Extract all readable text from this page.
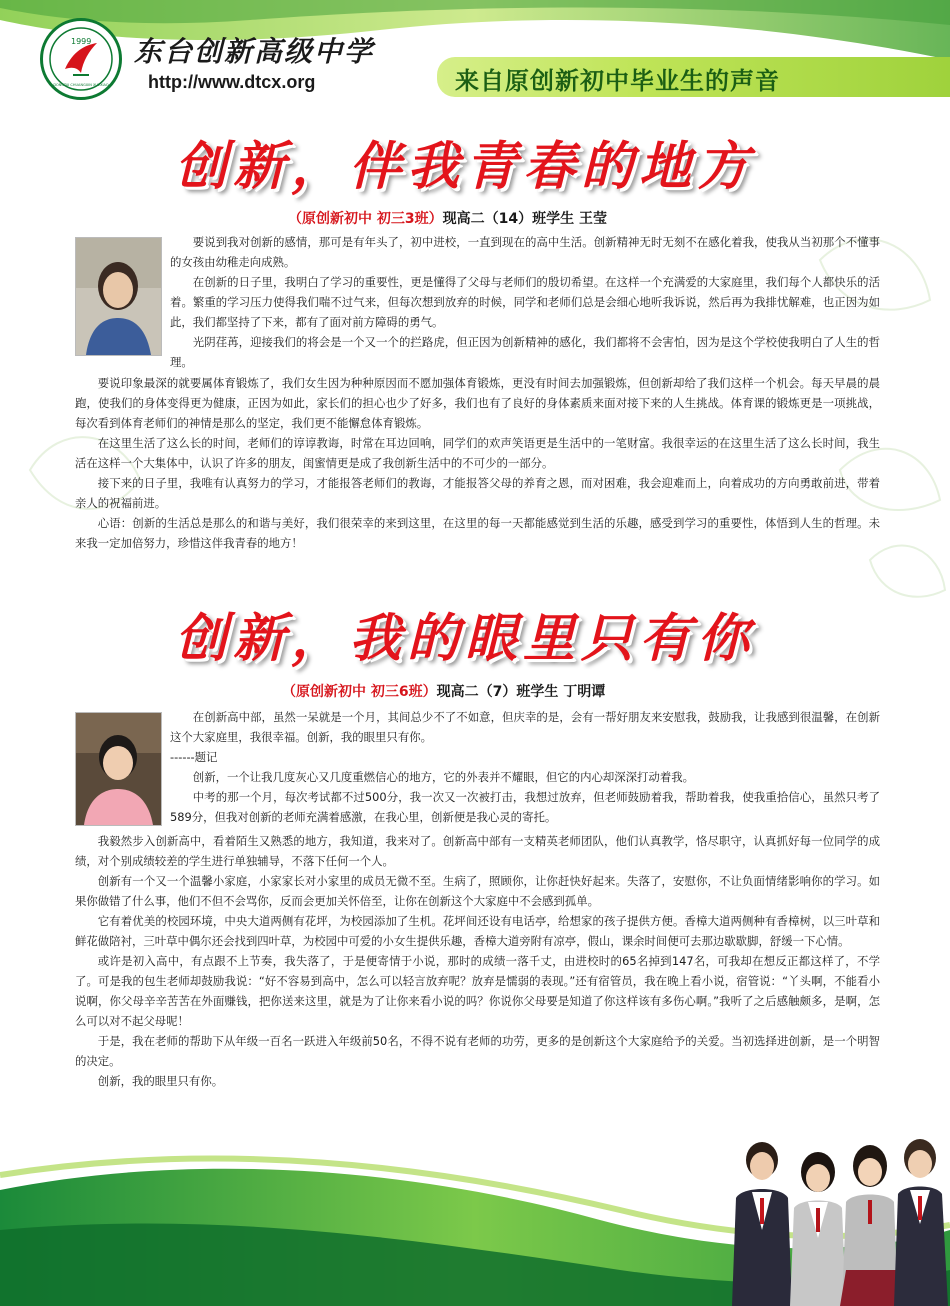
1999
DONGTAI CHUANGXIN XUEXIAO
东台创新高级中学
http://www.dtcx.org	来自原创新初中毕业生的声音
创新，伴我青春的地方
（原创新初中 初三3班）现高二（14）班学生 王莹

要说到我对创新的感情，那可是有年头了，初中进校，一直到现在的高中生活。创新精神无时无刻不在感化着我，使我从当初那个不懂事的女孩由幼稚走向成熟。

在创新的日子里，我明白了学习的重要性，更是懂得了父母与老师们的殷切希望。在这样一个充满爱的大家庭里，我们每个人都快乐的活着。繁重的学习压力使得我们喘不过气来，但每次想到放弃的时候，同学和老师们总是会细心地听我诉说，然后再为我排忧解难，也正因为如此，我们都坚持了下来，都有了面对前方障碍的勇气。

光阴荏苒，迎接我们的将会是一个又一个的拦路虎，但正因为创新精神的感化，我们都将不会害怕，因为是这个学校使我明白了人生的哲理。

要说印象最深的就要属体育锻炼了，我们女生因为种种原因而不愿加强体育锻炼，更没有时间去加强锻炼，但创新却给了我们这样一个机会。每天早晨的晨跑，使我们的身体变得更为健康，正因为如此，家长们的担心也少了好多，我们也有了良好的身体素质来面对接下来的人生挑战。体育课的锻炼更是一项挑战，每次看到体育老师们的神情是那么的坚定，我们更不能懈怠体育锻炼。

在这里生活了这么长的时间，老师们的谆谆教诲，时常在耳边回响，同学们的欢声笑语更是生活中的一笔财富。我很幸运的在这里生活了这么长时间，我生活在这样一个大集体中，认识了许多的朋友，闺蜜情更是成了我创新生活中的不可少的一部分。

接下来的日子里，我唯有认真努力的学习，才能报答老师们的教诲，才能报答父母的养育之恩，而对困难，我会迎难而上，向着成功的方向勇敢前进，带着亲人的祝福前进。

心语：创新的生活总是那么的和谐与美好，我们很荣幸的来到这里，在这里的每一天都能感觉到生活的乐趣，感受到学习的重要性，体悟到人生的哲理。未来我一定加倍努力，珍惜这伴我青春的地方！

创新，我的眼里只有你
（原创新初中 初三6班）现高二（7）班学生 丁明谭

在创新高中部，虽然一呆就是一个月，其间总少不了不如意，但庆幸的是，会有一帮好朋友来安慰我，鼓励我，让我感到很温馨，在创新这个大家庭里，我很幸福。创新，我的眼里只有你。

------题记

创新，一个让我几度灰心又几度重燃信心的地方，它的外表并不耀眼，但它的内心却深深打动着我。

中考的那一个月，每次考试都不过500分，我一次又一次被打击，我想过放弃，但老师鼓励着我，帮助着我，使我重拾信心，虽然只考了589分，但我对创新的老师充满着感激，在我心里，创新便是我心灵的寄托。

我毅然步入创新高中，看着陌生又熟悉的地方，我知道，我来对了。创新高中部有一支精英老师团队，他们认真教学，恪尽职守，认真抓好每一位同学的成绩，对个别成绩较差的学生进行单独辅导，不落下任何一个人。

创新有一个又一个温馨小家庭，小家家长对小家里的成员无微不至。生病了，照顾你，让你赶快好起来。失落了，安慰你，不让负面情绪影响你的学习。如果你做错了什么事，他们不但不会骂你，反而会更加关怀倍至，让你在创新这个大家庭中不会感到孤单。

它有着优美的校园环境，中央大道两侧有花坪，为校园添加了生机。花坪间还设有电话亭，给想家的孩子提供方便。香樟大道两侧种有香樟树，以三叶草和鲜花做陪衬，三叶草中偶尔还会找到四叶草，为校园中可爱的小女生提供乐趣，香樟大道旁附有凉亭，假山，课余时间便可去那边歇歇脚，舒缓一下心情。

或许是初入高中，有点跟不上节奏，我失落了，于是便寄情于小说，那时的成绩一落千丈，由进校时的65名掉到147名，可我却在想反正都这样了，不学了。可是我的包生老师却鼓励我说：“好不容易到高中，怎么可以轻言放弃呢？放弃是懦弱的表现。”还有宿管员，我在晚上看小说，宿管说：“丫头啊，不能看小说啊，你父母辛辛苦苦在外面赚钱，把你送来这里，就是为了让你来看小说的吗？你说你父母要是知道了你这样该有多伤心啊。”我听了之后感触颇多，是啊，怎么可以对不起父母呢！

于是，我在老师的帮助下从年级一百名一跃进入年级前50名，不得不说有老师的功劳，更多的是创新这个大家庭给予的关爱。当初选择进创新，是一个明智的决定。

创新，我的眼里只有你。
